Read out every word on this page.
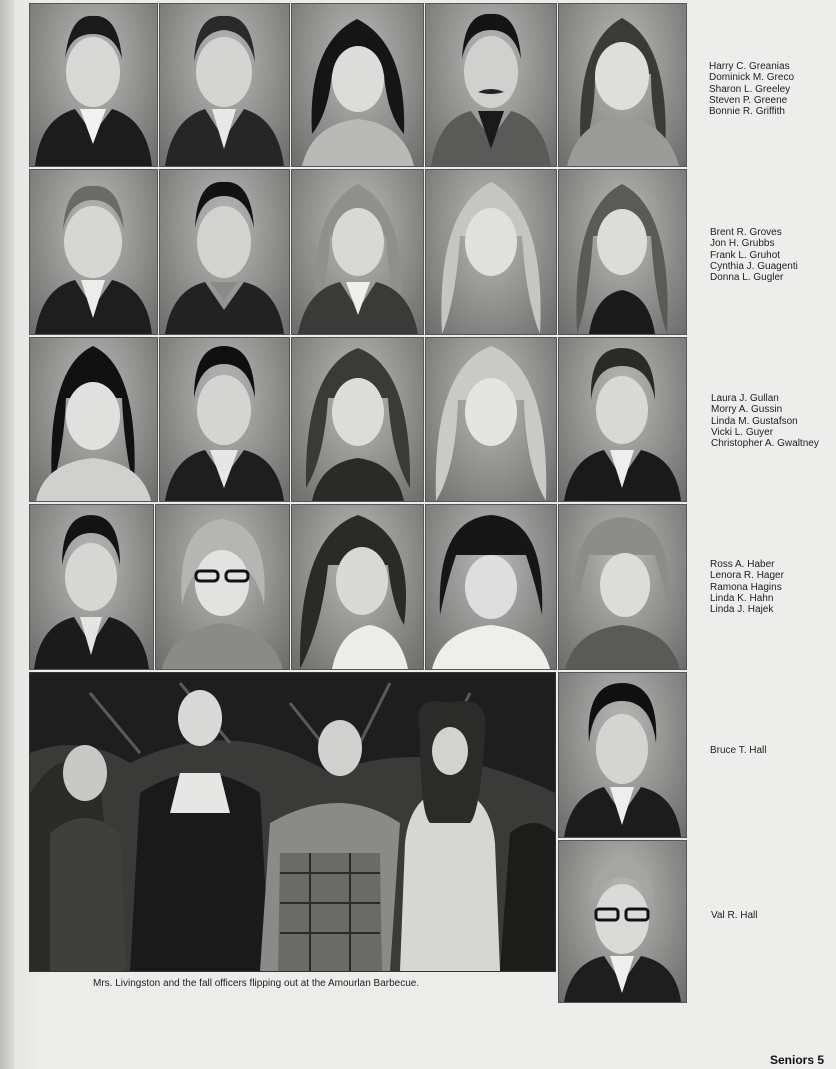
Harry C. Greanias
Dominick M. Greco
Sharon L. Greeley
Steven P. Greene
Bonnie R. Griffith
Brent R. Groves
Jon H. Grubbs
Frank L. Gruhot
Cynthia J. Guagenti
Donna L. Gugler
Laura J. Gullan
Morry A. Gussin
Linda M. Gustafson
Vicki L. Guyer
Christopher A. Gwaltney
Ross A. Haber
Lenora R. Hager
Ramona Hagins
Linda K. Hahn
Linda J. Hajek
Mrs. Livingston and the fall officers flipping out at the Amourlan Barbecue.
Bruce T. Hall
Val R. Hall
Seniors 5
